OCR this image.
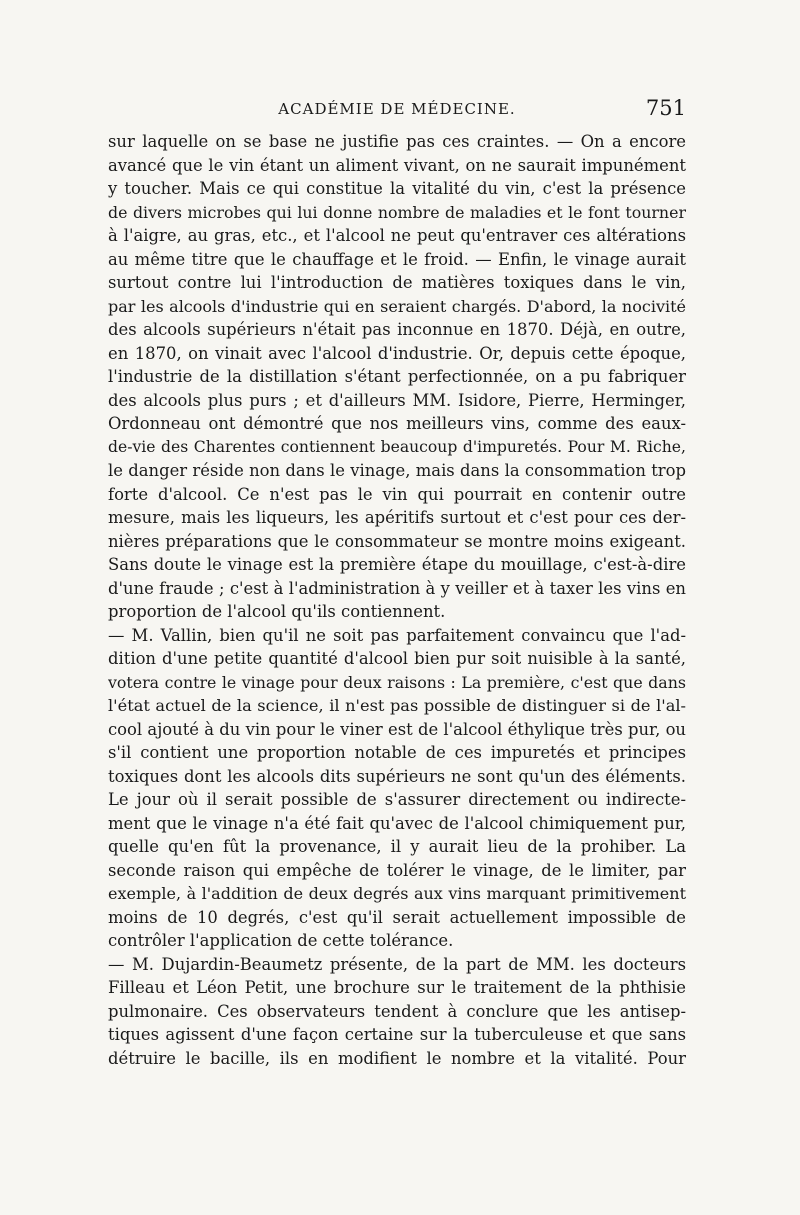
ACADÉMIE DE MÉDECINE.	751
sur laquelle on se base ne justifie pas ces craintes. — On a encore
avancé que le vin étant un aliment vivant, on ne saurait impunément
y toucher. Mais ce qui constitue la vitalité du vin, c'est la présence
de divers microbes qui lui donne nombre de maladies et le font tourner
à l'aigre, au gras, etc., et l'alcool ne peut qu'entraver ces altérations
au même titre que le chauffage et le froid. — Enfin, le vinage aurait
surtout contre lui l'introduction de matières toxiques dans le vin,
par les alcools d'industrie qui en seraient chargés. D'abord, la nocivité
des alcools supérieurs n'était pas inconnue en 1870. Déjà, en outre,
en 1870, on vinait avec l'alcool d'industrie. Or, depuis cette époque,
l'industrie de la distillation s'étant perfectionnée, on a pu fabriquer
des alcools plus purs ; et d'ailleurs MM. Isidore, Pierre, Herminger,
Ordonneau ont démontré que nos meilleurs vins, comme des eaux-
de-vie des Charentes contiennent beaucoup d'impuretés. Pour M. Riche,
le danger réside non dans le vinage, mais dans la consommation trop
forte d'alcool. Ce n'est pas le vin qui pourrait en contenir outre
mesure, mais les liqueurs, les apéritifs surtout et c'est pour ces der-
nières préparations que le consommateur se montre moins exigeant.
Sans doute le vinage est la première étape du mouillage, c'est-à-dire
d'une fraude ; c'est à l'administration à y veiller et à taxer les vins en
proportion de l'alcool qu'ils contiennent.
— M. Vallin, bien qu'il ne soit pas parfaitement convaincu que l'ad-
dition d'une petite quantité d'alcool bien pur soit nuisible à la santé,
votera contre le vinage pour deux raisons : La première, c'est que dans
l'état actuel de la science, il n'est pas possible de distinguer si de l'al-
cool ajouté à du vin pour le viner est de l'alcool éthylique très pur, ou
s'il contient une proportion notable de ces impuretés et principes
toxiques dont les alcools dits supérieurs ne sont qu'un des éléments.
Le jour où il serait possible de s'assurer directement ou indirecte-
ment que le vinage n'a été fait qu'avec de l'alcool chimiquement pur,
quelle qu'en fût la provenance, il y aurait lieu de la prohiber. La
seconde raison qui empêche de tolérer le vinage, de le limiter, par
exemple, à l'addition de deux degrés aux vins marquant primitivement
moins de 10 degrés, c'est qu'il serait actuellement impossible de
contrôler l'application de cette tolérance.
— M. Dujardin-Beaumetz présente, de la part de MM. les docteurs
Filleau et Léon Petit, une brochure sur le traitement de la phthisie
pulmonaire. Ces observateurs tendent à conclure que les antisep-
tiques agissent d'une façon certaine sur la tuberculeuse et que sans
détruire le bacille, ils en modifient le nombre et la vitalité. Pour
